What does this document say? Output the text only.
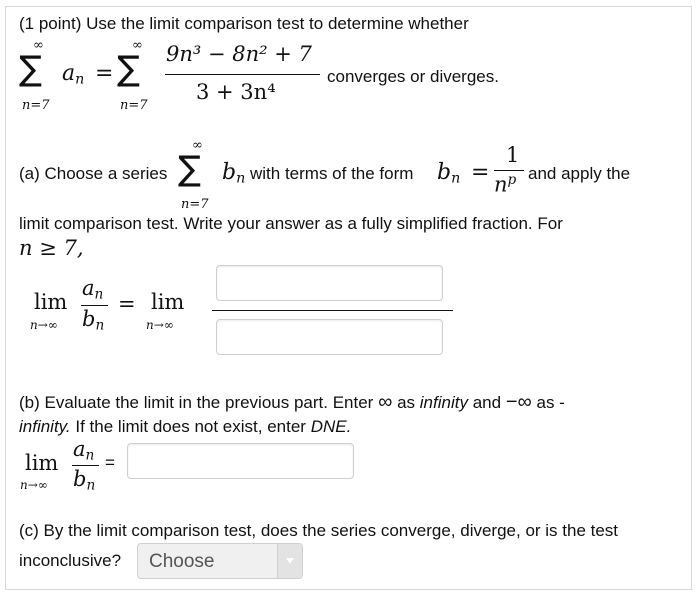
(1 point) Use the limit comparison test to determine whether
∞
∑
n=7
$a_n$ =
∞
∑
n=7
9n³ − 8n² + 7
3 + 3n⁴
converges or diverges.
(a) Choose a series
∞
∑
n=7
$b_n$ with terms of the form $b_n$ =
1
$n^p$ and apply the
limit comparison test. Write your answer as a fully simplified fraction. For
n ≥ 7,
lim
n→∞
$a_n$
$b_n$
= lim
n→∞
(b) Evaluate the limit in the previous part. Enter ∞ as infinity and −∞ as -
infinity. If the limit does not exist, enter DNE.
lim
n→∞
$a_n$
$b_n$
=
(c) By the limit comparison test, does the series converge, diverge, or is the test
inconclusive? Choose
